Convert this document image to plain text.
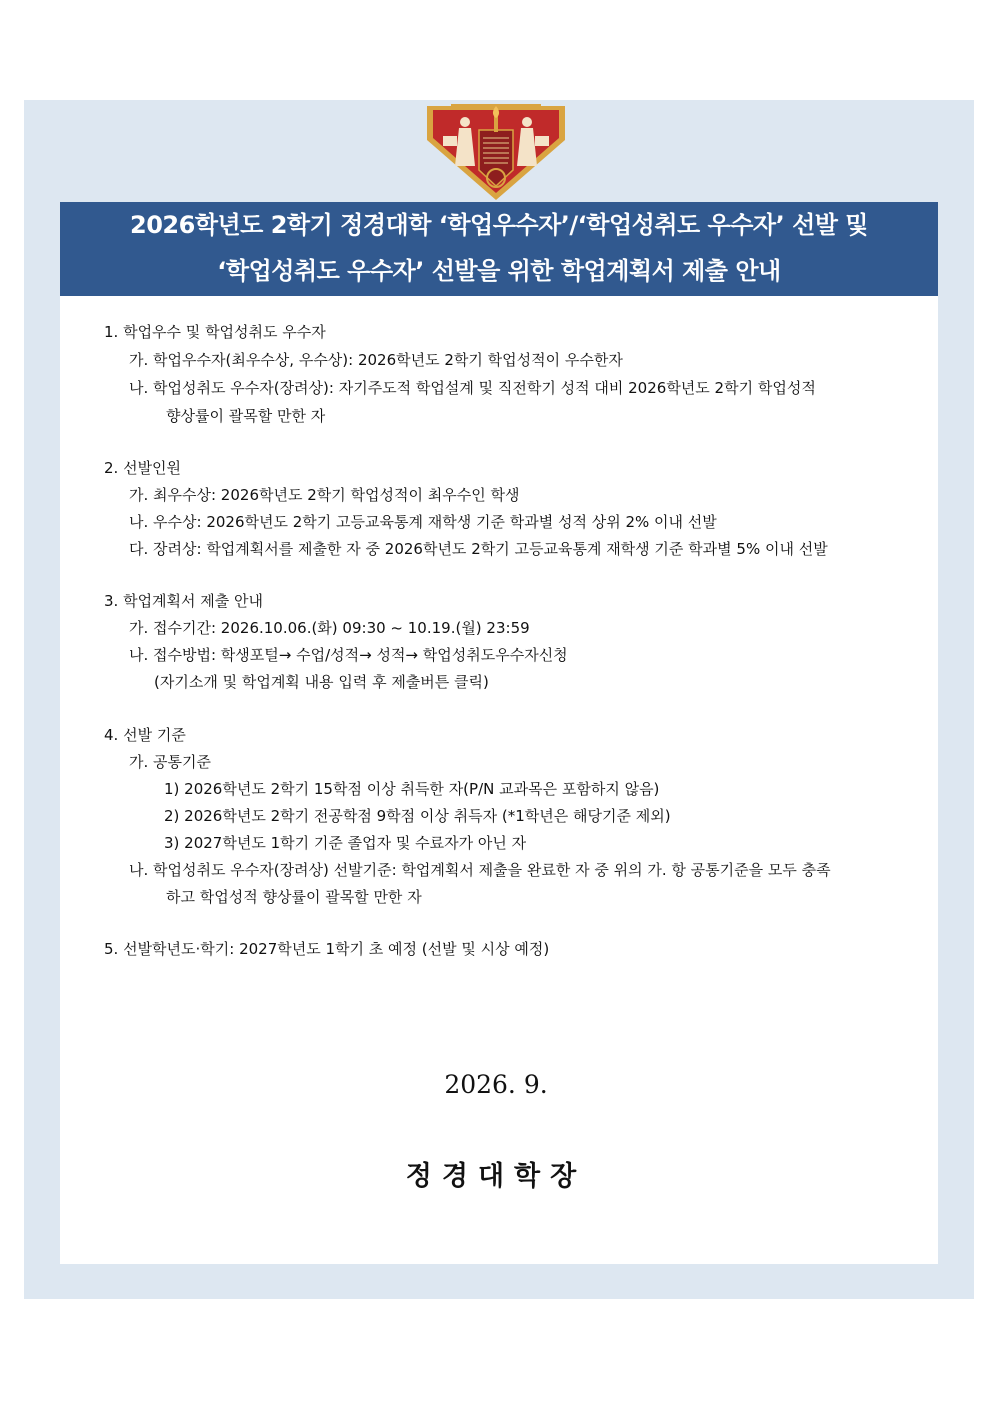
2026학년도 2학기 정경대학 ‘학업우수자’/‘학업성취도 우수자’ 선발 및
‘학업성취도 우수자’ 선발을 위한 학업계획서 제출 안내
1. 학업우수 및 학업성취도 우수자
가. 학업우수자(최우수상, 우수상): 2026학년도 2학기 학업성적이 우수한자
나. 학업성취도 우수자(장려상): 자기주도적 학업설계 및 직전학기 성적 대비 2026학년도 2학기 학업성적
향상률이 괄목할 만한 자
2. 선발인원
가. 최우수상: 2026학년도 2학기 학업성적이 최우수인 학생
나. 우수상: 2026학년도 2학기 고등교육통계 재학생 기준 학과별 성적 상위 2% 이내 선발
다. 장려상: 학업계획서를 제출한 자 중 2026학년도 2학기 고등교육통계 재학생 기준 학과별 5% 이내 선발
3. 학업계획서 제출 안내
가. 접수기간: 2026.10.06.(화) 09:30 ~ 10.19.(월) 23:59
나. 접수방법: 학생포털→ 수업/성적→ 성적→ 학업성취도우수자신청
(자기소개 및 학업계획 내용 입력 후 제출버튼 클릭)
4. 선발 기준
가. 공통기준
1) 2026학년도 2학기 15학점 이상 취득한 자(P/N 교과목은 포함하지 않음)
2) 2026학년도 2학기 전공학점 9학점 이상 취득자 (*1학년은 해당기준 제외)
3) 2027학년도 1학기 기준 졸업자 및 수료자가 아닌 자
나. 학업성취도 우수자(장려상) 선발기준: 학업계획서 제출을 완료한 자 중 위의 가. 항 공통기준을 모두 충족
하고 학업성적 향상률이 괄목할 만한 자
5. 선발학년도·학기: 2027학년도 1학기 초 예정 (선발 및 시상 예정)
2026. 9.
정경대학장
